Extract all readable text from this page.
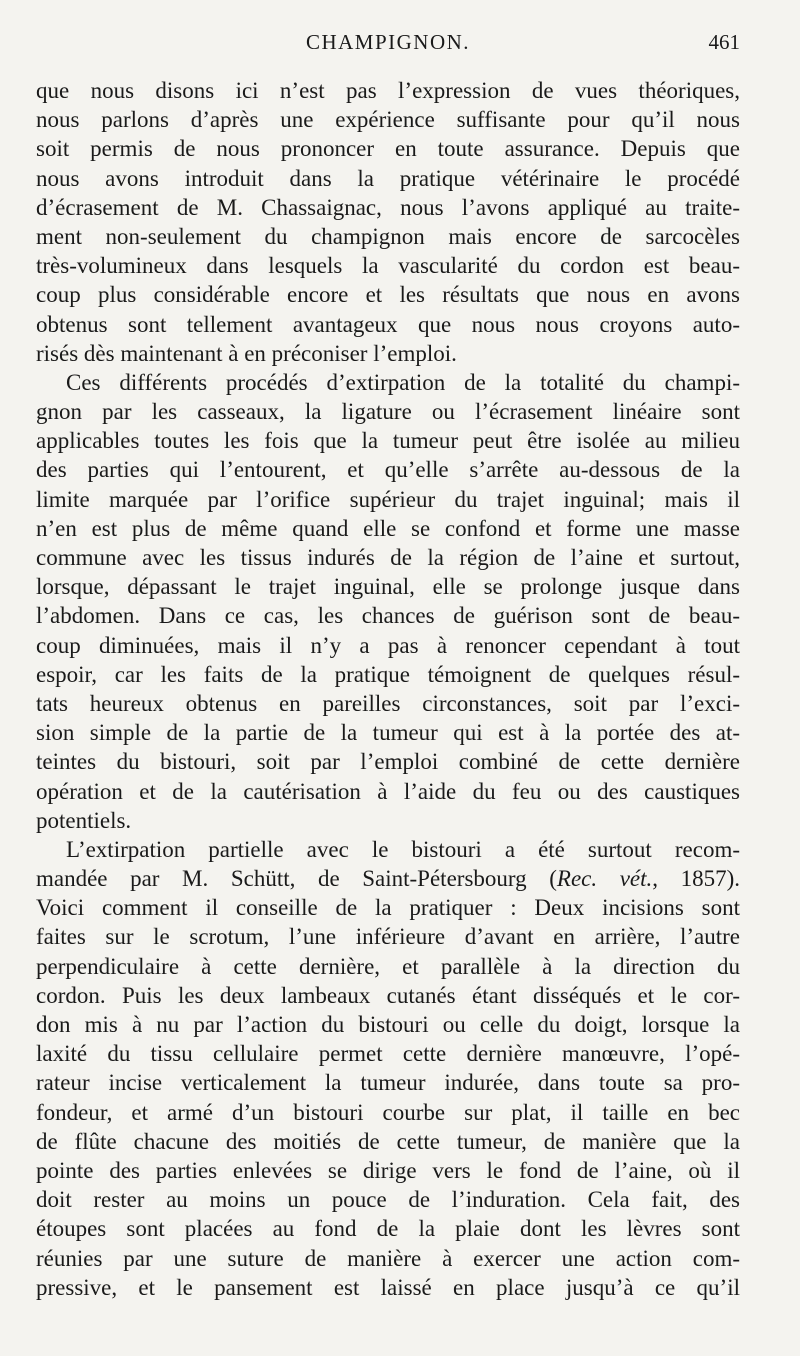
CHAMPIGNON.	461
que nous disons ici n’est pas l’expression de vues théoriques,
nous parlons d’après une expérience suffisante pour qu’il nous
soit permis de nous prononcer en toute assurance. Depuis que
nous avons introduit dans la pratique vétérinaire le procédé
d’écrasement de M. Chassaignac, nous l’avons appliqué au traite-
ment non-seulement du champignon mais encore de sarcocèles
très-volumineux dans lesquels la vascularité du cordon est beau-
coup plus considérable encore et les résultats que nous en avons
obtenus sont tellement avantageux que nous nous croyons auto-
risés dès maintenant à en préconiser l’emploi.
Ces différents procédés d’extirpation de la totalité du champi-
gnon par les casseaux, la ligature ou l’écrasement linéaire sont
applicables toutes les fois que la tumeur peut être isolée au milieu
des parties qui l’entourent, et qu’elle s’arrête au-dessous de la
limite marquée par l’orifice supérieur du trajet inguinal; mais il
n’en est plus de même quand elle se confond et forme une masse
commune avec les tissus indurés de la région de l’aine et surtout,
lorsque, dépassant le trajet inguinal, elle se prolonge jusque dans
l’abdomen. Dans ce cas, les chances de guérison sont de beau-
coup diminuées, mais il n’y a pas à renoncer cependant à tout
espoir, car les faits de la pratique témoignent de quelques résul-
tats heureux obtenus en pareilles circonstances, soit par l’exci-
sion simple de la partie de la tumeur qui est à la portée des at-
teintes du bistouri, soit par l’emploi combiné de cette dernière
opération et de la cautérisation à l’aide du feu ou des caustiques
potentiels.
L’extirpation partielle avec le bistouri a été surtout recom-
mandée par M. Schütt, de Saint-Pétersbourg (Rec. vét., 1857).
Voici comment il conseille de la pratiquer : Deux incisions sont
faites sur le scrotum, l’une inférieure d’avant en arrière, l’autre
perpendiculaire à cette dernière, et parallèle à la direction du
cordon. Puis les deux lambeaux cutanés étant disséqués et le cor-
don mis à nu par l’action du bistouri ou celle du doigt, lorsque la
laxité du tissu cellulaire permet cette dernière manœuvre, l’opé-
rateur incise verticalement la tumeur indurée, dans toute sa pro-
fondeur, et armé d’un bistouri courbe sur plat, il taille en bec
de flûte chacune des moitiés de cette tumeur, de manière que la
pointe des parties enlevées se dirige vers le fond de l’aine, où il
doit rester au moins un pouce de l’induration. Cela fait, des
étoupes sont placées au fond de la plaie dont les lèvres sont
réunies par une suture de manière à exercer une action com-
pressive, et le pansement est laissé en place jusqu’à ce qu’il
